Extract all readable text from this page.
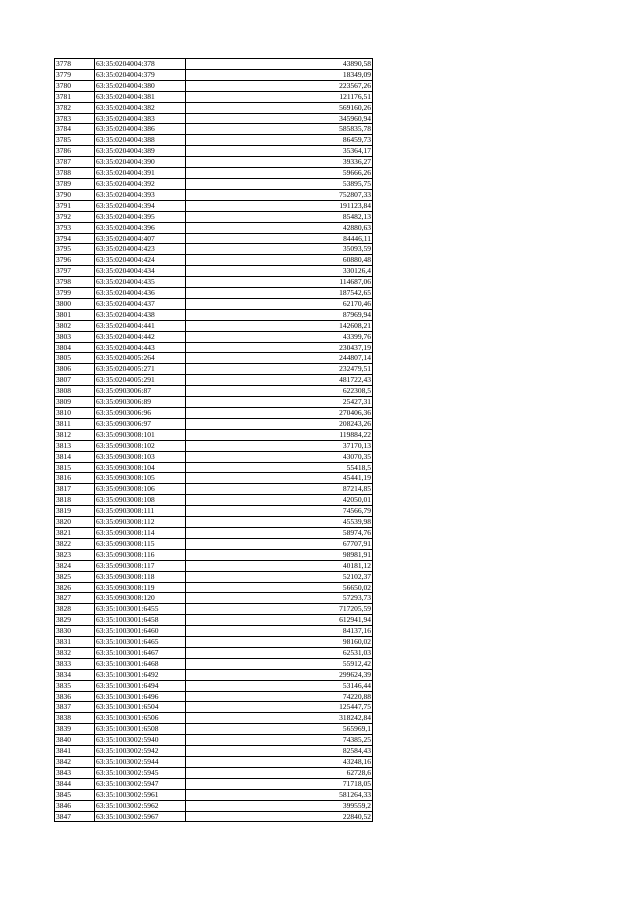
3778	63:35:0204004:378	43890,58
3779	63:35:0204004:379	18349,09
3780	63:35:0204004:380	223567,26
3781	63:35:0204004:381	121176,51
3782	63:35:0204004:382	569160,26
3783	63:35:0204004:383	345960,94
3784	63:35:0204004:386	585835,78
3785	63:35:0204004:388	86459,73
3786	63:35:0204004:389	35364,17
3787	63:35:0204004:390	39336,27
3788	63:35:0204004:391	59666,26
3789	63:35:0204004:392	53895,75
3790	63:35:0204004:393	752807,33
3791	63:35:0204004:394	191123,84
3792	63:35:0204004:395	85482,13
3793	63:35:0204004:396	42880,63
3794	63:35:0204004:407	84446,11
3795	63:35:0204004:423	35093,59
3796	63:35:0204004:424	60880,48
3797	63:35:0204004:434	330126,4
3798	63:35:0204004:435	114687,06
3799	63:35:0204004:436	187542,65
3800	63:35:0204004:437	62170,46
3801	63:35:0204004:438	87969,94
3802	63:35:0204004:441	142608,21
3803	63:35:0204004:442	43399,76
3804	63:35:0204004:443	230437,19
3805	63:35:0204005:264	244807,14
3806	63:35:0204005:271	232479,51
3807	63:35:0204005:291	481722,43
3808	63:35:0903006:87	622308,5
3809	63:35:0903006:89	25427,31
3810	63:35:0903006:96	270406,36
3811	63:35:0903006:97	208243,26
3812	63:35:0903008:101	119884,22
3813	63:35:0903008:102	37170,13
3814	63:35:0903008:103	43070,35
3815	63:35:0903008:104	55418,5
3816	63:35:0903008:105	45441,19
3817	63:35:0903008:106	87214,85
3818	63:35:0903008:108	42050,01
3819	63:35:0903008:111	74566,79
3820	63:35:0903008:112	45539,98
3821	63:35:0903008:114	58974,76
3822	63:35:0903008:115	67707,91
3823	63:35:0903008:116	98981,91
3824	63:35:0903008:117	40181,12
3825	63:35:0903008:118	52102,37
3826	63:35:0903008:119	56650,02
3827	63:35:0903008:120	57293,73
3828	63:35:1003001:6455	717205,59
3829	63:35:1003001:6458	612941,94
3830	63:35:1003001:6460	84137,16
3831	63:35:1003001:6465	98160,02
3832	63:35:1003001:6467	62531,03
3833	63:35:1003001:6468	55912,42
3834	63:35:1003001:6492	299624,39
3835	63:35:1003001:6494	53146,44
3836	63:35:1003001:6496	74220,88
3837	63:35:1003001:6504	125447,75
3838	63:35:1003001:6506	318242,84
3839	63:35:1003001:6508	565969,1
3840	63:35:1003002:5940	74385,25
3841	63:35:1003002:5942	82584,43
3842	63:35:1003002:5944	43248,16
3843	63:35:1003002:5945	62728,6
3844	63:35:1003002:5947	71718,05
3845	63:35:1003002:5961	581264,33
3846	63:35:1003002:5962	399559,2
3847	63:35:1003002:5967	22840,52
